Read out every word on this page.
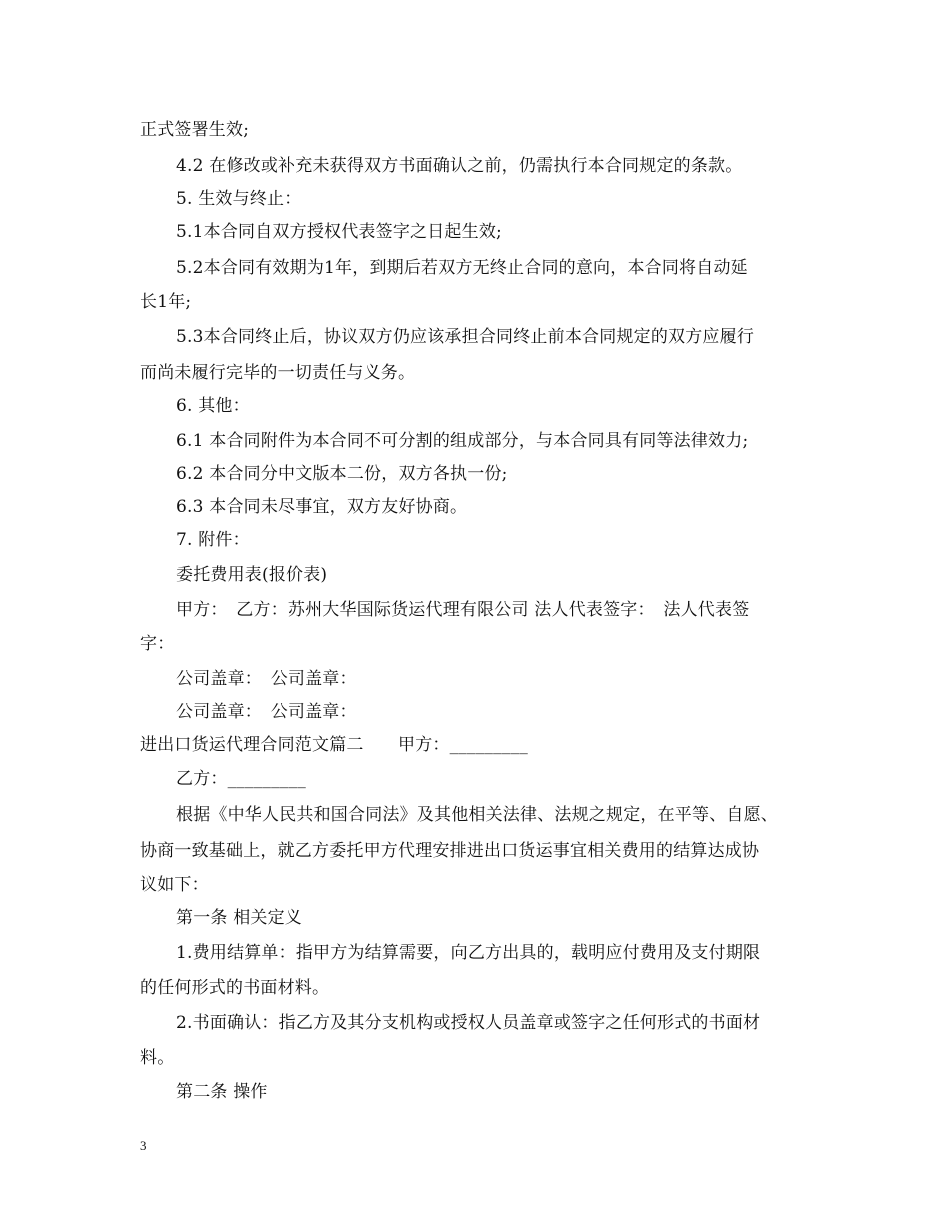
正式签署生效;
4.2 在修改或补充未获得双方书面确认之前，仍需执行本合同规定的条款。
5. 生效与终止：
5.1本合同自双方授权代表签字之日起生效;
5.2本合同有效期为1年，到期后若双方无终止合同的意向，本合同将自动延
长1年;
5.3本合同终止后，协议双方仍应该承担合同终止前本合同规定的双方应履行
而尚未履行完毕的一切责任与义务。
6. 其他：
6.1 本合同附件为本合同不可分割的组成部分，与本合同具有同等法律效力;
6.2 本合同分中文版本二份，双方各执一份;
6.3 本合同未尽事宜，双方友好协商。
7. 附件：
委托费用表(报价表)
甲方：　乙方：苏州大华国际货运代理有限公司 法人代表签字：　法人代表签
字：
公司盖章：　公司盖章：
公司盖章：　公司盖章：
进出口货运代理合同范文篇二　　甲方：_________
乙方：_________
根据《中华人民共和国合同法》及其他相关法律、法规之规定，在平等、自愿、
协商一致基础上，就乙方委托甲方代理安排进出口货运事宜相关费用的结算达成协
议如下：
第一条 相关定义
1.费用结算单：指甲方为结算需要，向乙方出具的，载明应付费用及支付期限
的任何形式的书面材料。
2.书面确认：指乙方及其分支机构或授权人员盖章或签字之任何形式的书面材
料。
第二条 操作
3
